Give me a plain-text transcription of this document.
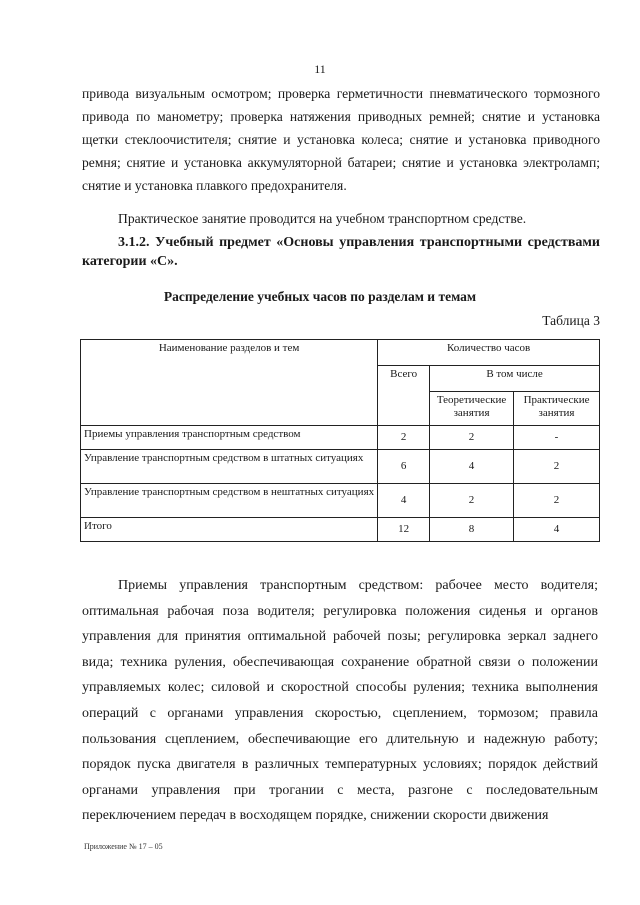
11
привода визуальным осмотром; проверка герметичности пневматического тормозного привода по манометру; проверка натяжения приводных ремней; снятие и установка щетки стеклоочистителя; снятие и установка колеса; снятие и установка приводного ремня; снятие и установка аккумуляторной батареи; снятие и установка электроламп; снятие и установка плавкого предохранителя.
Практическое занятие проводится на учебном транспортном средстве.
3.1.2. Учебный предмет «Основы управления транспортными средствами категории «С».
Распределение учебных часов по разделам и темам
Таблица 3
Наименование разделов и тем	Количество часов		
	Всего	В том числе	
		Теоретические занятия	Практические занятия
Приемы управления транспортным средством	2	2	-
Управление транспортным средством в штатных ситуациях	6	4	2
Управление транспортным средством в нештатных ситуациях	4	2	2
Итого	12	8	4
Приемы управления транспортным средством: рабочее место водителя; оптимальная рабочая поза водителя; регулировка положения сиденья и органов управления для принятия оптимальной рабочей позы; регулировка зеркал заднего вида; техника руления, обеспечивающая сохранение обратной связи о положении управляемых колес; силовой и скоростной способы руления; техника выполнения операций с органами управления скоростью, сцеплением, тормозом; правила пользования сцеплением, обеспечивающие его длительную и надежную работу; порядок пуска двигателя в различных температурных условиях; порядок действий органами управления при трогании с места, разгоне с последовательным переключением передач в восходящем порядке, снижении скорости движения
Приложение № 17 – 05
